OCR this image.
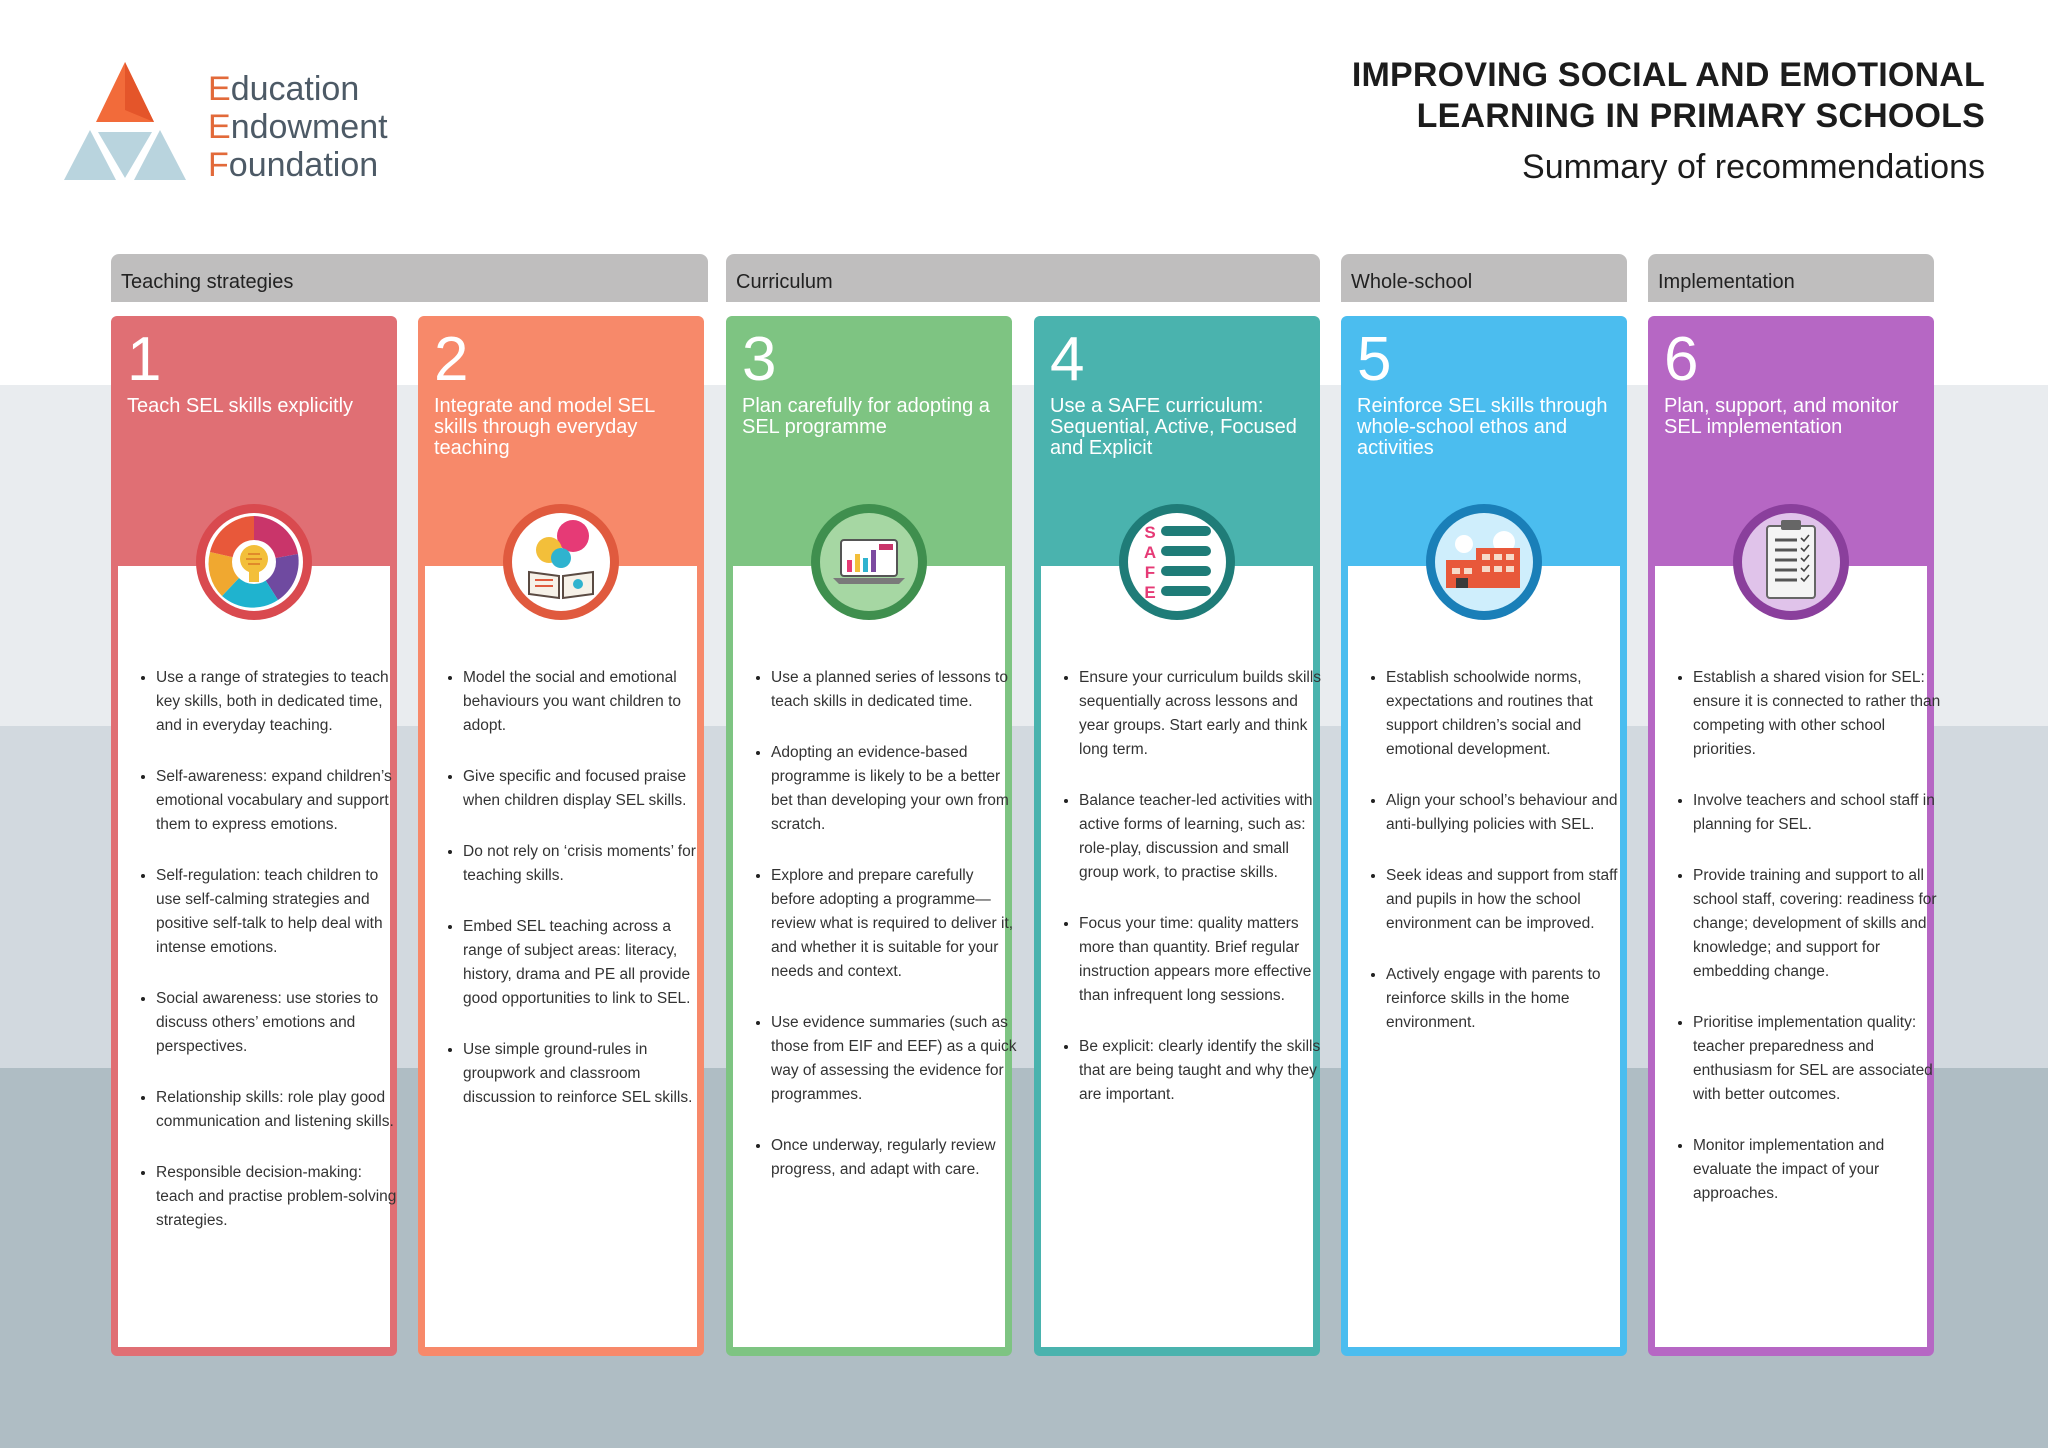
Education
Endowment
Foundation
IMPROVING SOCIAL AND EMOTIONAL
LEARNING IN PRIMARY SCHOOLS
Summary of recommendations
Teaching strategies	Curriculum	Whole-school	Implementation
1
Teach SEL skills explicitly
• Use a range of strategies to teach key skills, both in dedicated time, and in everyday teaching.
• Self-awareness: expand children’s emotional vocabulary and support them to express emotions.
• Self-regulation: teach children to use self-calming strategies and positive self-talk to help deal with intense emotions.
• Social awareness: use stories to discuss others’ emotions and perspectives.
• Relationship skills: role play good communication and listening skills.
• Responsible decision-making: teach and practise problem-solving strategies.
2
Integrate and model SEL skills through everyday teaching
• Model the social and emotional behaviours you want children to adopt.
• Give specific and focused praise when children display SEL skills.
• Do not rely on ‘crisis moments’ for teaching skills.
• Embed SEL teaching across a range of subject areas: literacy, history, drama and PE all provide good opportunities to link to SEL.
• Use simple ground-rules in groupwork and classroom discussion to reinforce SEL skills.
3
Plan carefully for adopting a SEL programme
• Use a planned series of lessons to teach skills in dedicated time.
• Adopting an evidence-based programme is likely to be a better bet than developing your own from scratch.
• Explore and prepare carefully before adopting a programme—review what is required to deliver it, and whether it is suitable for your needs and context.
• Use evidence summaries (such as those from EIF and EEF) as a quick way of assessing the evidence for programmes.
• Once underway, regularly review progress, and adapt with care.
4
Use a SAFE curriculum: Sequential, Active, Focused and Explicit
• Ensure your curriculum builds skills sequentially across lessons and year groups. Start early and think long term.
• Balance teacher-led activities with active forms of learning, such as: role-play, discussion and small group work, to practise skills.
• Focus your time: quality matters more than quantity. Brief regular instruction appears more effective than infrequent long sessions.
• Be explicit: clearly identify the skills that are being taught and why they are important.
S
A
F
E
5
Reinforce SEL skills through whole-school ethos and activities
• Establish schoolwide norms, expectations and routines that support children’s social and emotional development.
• Align your school’s behaviour and anti-bullying policies with SEL.
• Seek ideas and support from staff and pupils in how the school environment can be improved.
• Actively engage with parents to reinforce skills in the home environment.
6
Plan, support, and monitor SEL implementation
• Establish a shared vision for SEL: ensure it is connected to rather than competing with other school priorities.
• Involve teachers and school staff in planning for SEL.
• Provide training and support to all school staff, covering: readiness for change; development of skills and knowledge; and support for embedding change.
• Prioritise implementation quality: teacher preparedness and enthusiasm for SEL are associated with better outcomes.
• Monitor implementation and evaluate the impact of your approaches.
